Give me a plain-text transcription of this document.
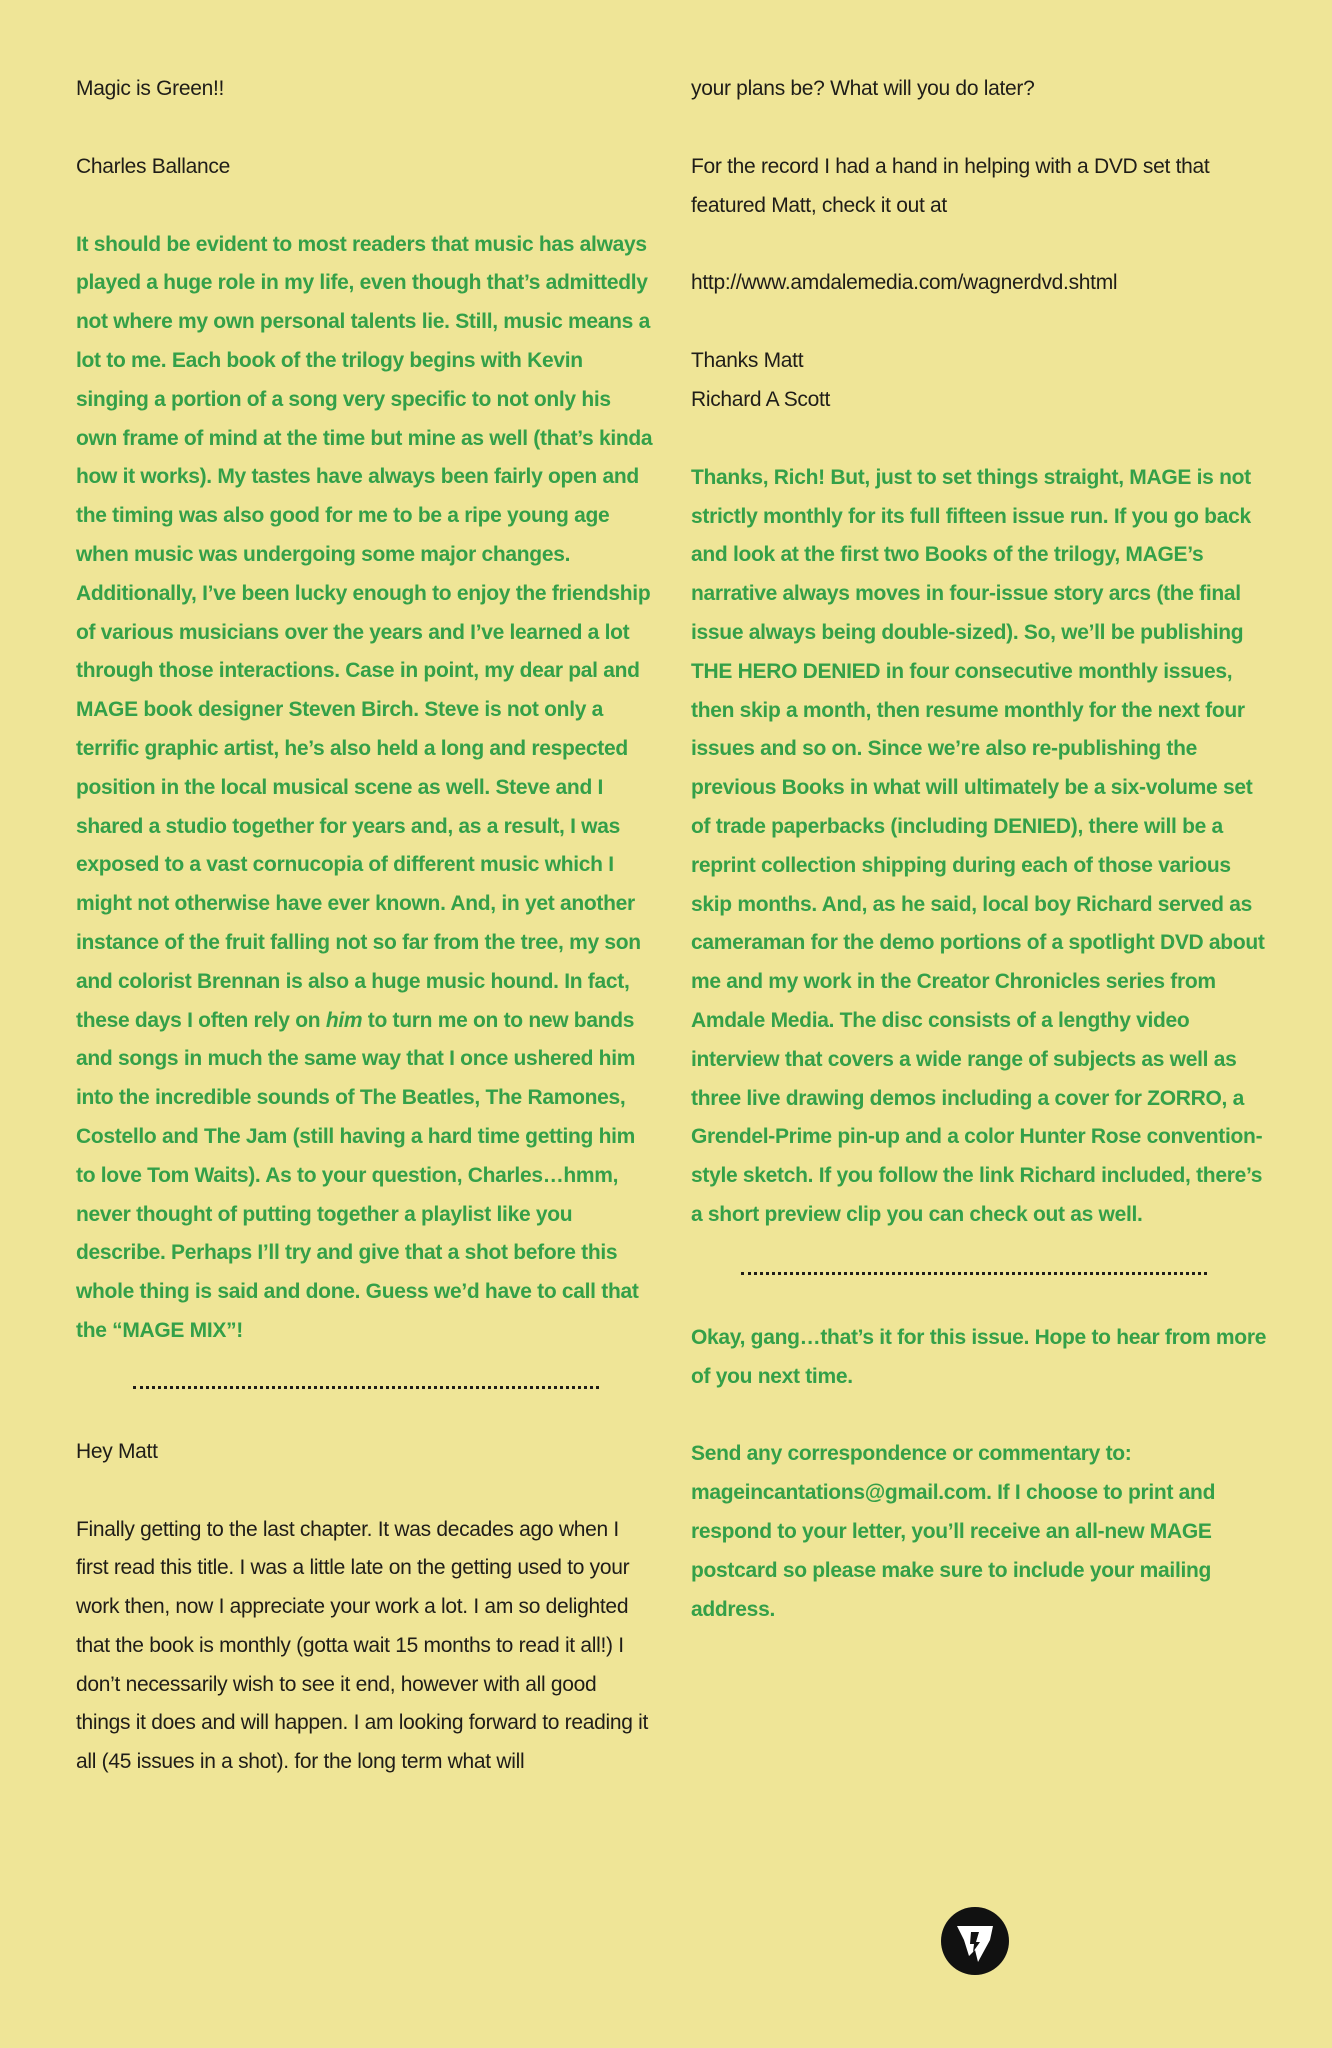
Magic is Green!!

Charles Ballance

It should be evident to most readers that music has always played a huge role in my life, even though that’s admittedly not where my own personal talents lie. Still, music means a lot to me. Each book of the trilogy begins with Kevin singing a portion of a song very specific to not only his own frame of mind at the time but mine as well (that’s kinda how it works). My tastes have always been fairly open and the timing was also good for me to be a ripe young age when music was undergoing some major changes. Additionally, I’ve been lucky enough to enjoy the friendship of various musicians over the years and I’ve learned a lot through those interactions. Case in point, my dear pal and MAGE book designer Steven Birch. Steve is not only a terrific graphic artist, he’s also held a long and respected position in the local musical scene as well. Steve and I shared a studio together for years and, as a result, I was exposed to a vast cornucopia of different music which I might not otherwise have ever known. And, in yet another instance of the fruit falling not so far from the tree, my son and colorist Brennan is also a huge music hound. In fact, these days I often rely on him to turn me on to new bands and songs in much the same way that I once ushered him into the incredible sounds of The Beatles, The Ramones, Costello and The Jam (still having a hard time getting him to love Tom Waits). As to your question, Charles…hmm, never thought of putting together a playlist like you describe. Perhaps I’ll try and give that a shot before this whole thing is said and done. Guess we’d have to call that the “MAGE MIX”!

Hey Matt

Finally getting to the last chapter. It was decades ago when I first read this title. I was a little late on the getting used to your work then, now I appreciate your work a lot. I am so delighted that the book is monthly (gotta wait 15 months to read it all!) I don’t necessarily wish to see it end, however with all good things it does and will happen. I am looking forward to reading it all (45 issues in a shot). for the long term what will

your plans be? What will you do later?

For the record I had a hand in helping with a DVD set that featured Matt, check it out at

http://www.amdalemedia.com/wagnerdvd.shtml

Thanks Matt
Richard A Scott

Thanks, Rich! But, just to set things straight, MAGE is not strictly monthly for its full fifteen issue run. If you go back and look at the first two Books of the trilogy, MAGE’s narrative always moves in four-issue story arcs (the final issue always being double-sized). So, we’ll be publishing THE HERO DENIED in four consecutive monthly issues, then skip a month, then resume monthly for the next four issues and so on. Since we’re also re-publishing the previous Books in what will ultimately be a six-volume set of trade paperbacks (including DENIED), there will be a reprint collection shipping during each of those various skip months. And, as he said, local boy Richard served as cameraman for the demo portions of a spotlight DVD about me and my work in the Creator Chronicles series from Amdale Media. The disc consists of a lengthy video interview that covers a wide range of subjects as well as three live drawing demos including a cover for ZORRO, a Grendel-Prime pin-up and a color Hunter Rose convention-style sketch. If you follow the link Richard included, there’s a short preview clip you can check out as well.

Okay, gang…that’s it for this issue. Hope to hear from more of you next time.

Send any correspondence or commentary to: mageincantations@gmail.com. If I choose to print and respond to your letter, you’ll receive an all-new MAGE postcard so please make sure to include your mailing address.
